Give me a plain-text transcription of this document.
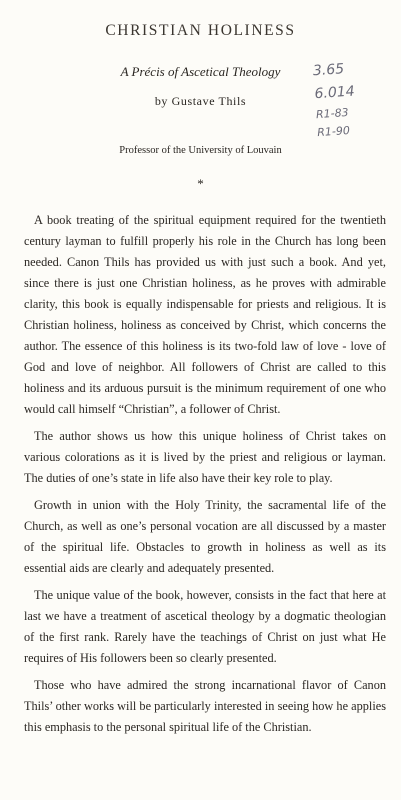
CHRISTIAN HOLINESS
A Précis of Ascetical Theology
by Gustave Thils
Professor of the University of Louvain
*
3.65
6.014
R1-83
R1-90

A book treating of the spiritual equipment required for the twentieth century layman to fulfill properly his role in the Church has long been needed. Canon Thils has provided us with just such a book. And yet, since there is just one Christian holiness, as he proves with admirable clarity, this book is equally indispensable for priests and religious. It is Christian holiness, holiness as conceived by Christ, which concerns the author. The essence of this holiness is its two-fold law of love - love of God and love of neighbor. All followers of Christ are called to this holiness and its arduous pursuit is the minimum requirement of one who would call himself “Christian”, a follower of Christ.

The author shows us how this unique holiness of Christ takes on various colorations as it is lived by the priest and religious or layman. The duties of one’s state in life also have their key role to play.

Growth in union with the Holy Trinity, the sacramental life of the Church, as well as one’s personal vocation are all discussed by a master of the spiritual life. Obstacles to growth in holiness as well as its essential aids are clearly and adequately presented.

The unique value of the book, however, consists in the fact that here at last we have a treatment of ascetical theology by a dogmatic theologian of the first rank. Rarely have the teachings of Christ on just what He requires of His followers been so clearly presented.

Those who have admired the strong incarnational flavor of Canon Thils’ other works will be particularly interested in seeing how he applies this emphasis to the personal spiritual life of the Christian.
